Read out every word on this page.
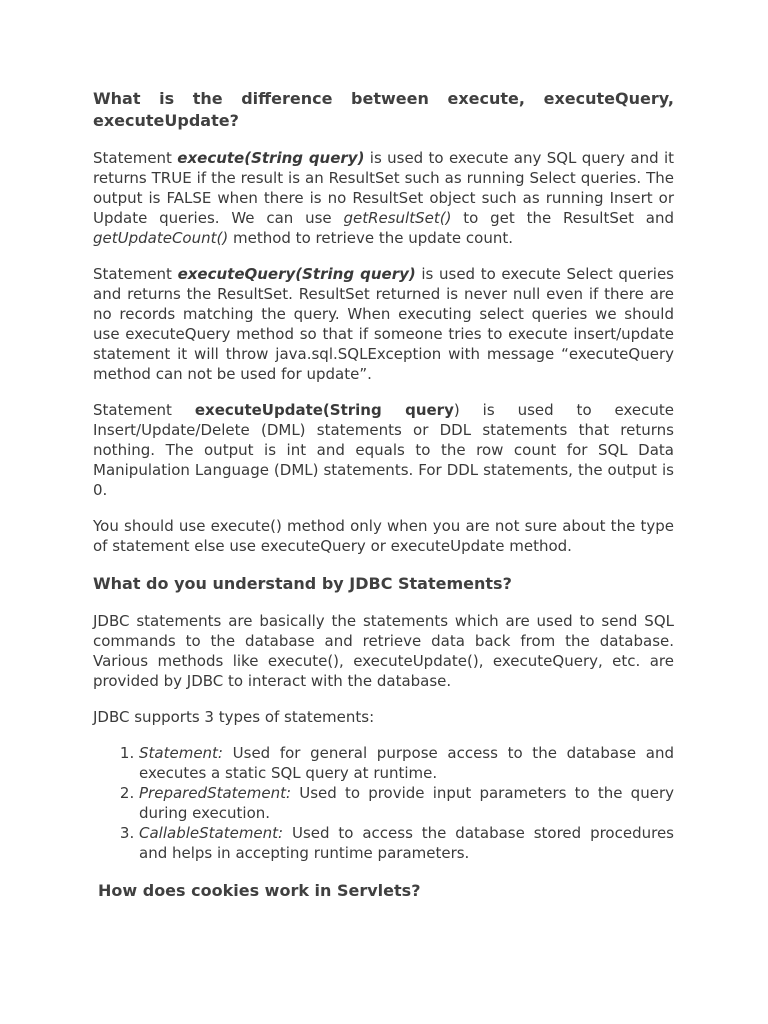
What is the difference between execute, executeQuery, executeUpdate?

Statement execute(String query) is used to execute any SQL query and it returns TRUE if the result is an ResultSet such as running Select queries. The output is FALSE when there is no ResultSet object such as running Insert or Update queries. We can use getResultSet() to get the ResultSet and getUpdateCount() method to retrieve the update count.

Statement executeQuery(String query) is used to execute Select queries and returns the ResultSet. ResultSet returned is never null even if there are no records matching the query. When executing select queries we should use executeQuery method so that if someone tries to execute insert/update statement it will throw java.sql.SQLException with message “executeQuery method can not be used for update”.

Statement executeUpdate(String query) is used to execute Insert/Update/Delete (DML) statements or DDL statements that returns nothing. The output is int and equals to the row count for SQL Data Manipulation Language (DML) statements. For DDL statements, the output is 0.

You should use execute() method only when you are not sure about the type of statement else use executeQuery or executeUpdate method.

What do you understand by JDBC Statements?

JDBC statements are basically the statements which are used to send SQL commands to the database and retrieve data back from the database. Various methods like execute(), executeUpdate(), executeQuery, etc. are provided by JDBC to interact with the database.

JDBC supports 3 types of statements:

1. Statement: Used for general purpose access to the database and executes a static SQL query at runtime.
2. PreparedStatement: Used to provide input parameters to the query during execution.
3. CallableStatement: Used to access the database stored procedures and helps in accepting runtime parameters.
How does cookies work in Servlets?
